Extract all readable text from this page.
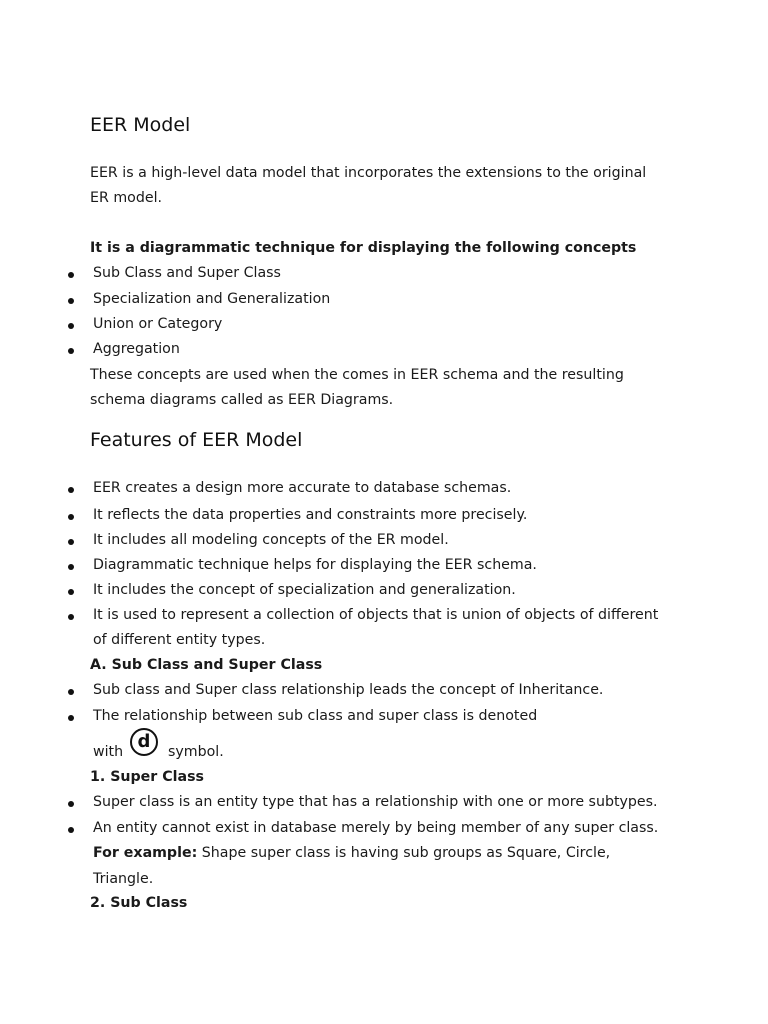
EER Model

EER is a high-level data model that incorporates the extensions to the original

ER model.

It is a diagrammatic technique for displaying the following concepts

Sub Class and Super Class

Specialization and Generalization

Union or Category

Aggregation

These concepts are used when the comes in EER schema and the resulting

schema diagrams called as EER Diagrams.

Features of EER Model

EER creates a design more accurate to database schemas.

It reflects the data properties and constraints more precisely.

It includes all modeling concepts of the ER model.

Diagrammatic technique helps for displaying the EER schema.

It includes the concept of specialization and generalization.

It is used to represent a collection of objects that is union of objects of different

of different entity types.

A. Sub Class and Super Class

Sub class and Super class relationship leads the concept of Inheritance.

The relationship between sub class and super class is denoted

with d	symbol.

1. Super Class

Super class is an entity type that has a relationship with one or more subtypes.

An entity cannot exist in database merely by being member of any super class.

For example: Shape super class is having sub groups as Square, Circle,

Triangle.

2. Sub Class
